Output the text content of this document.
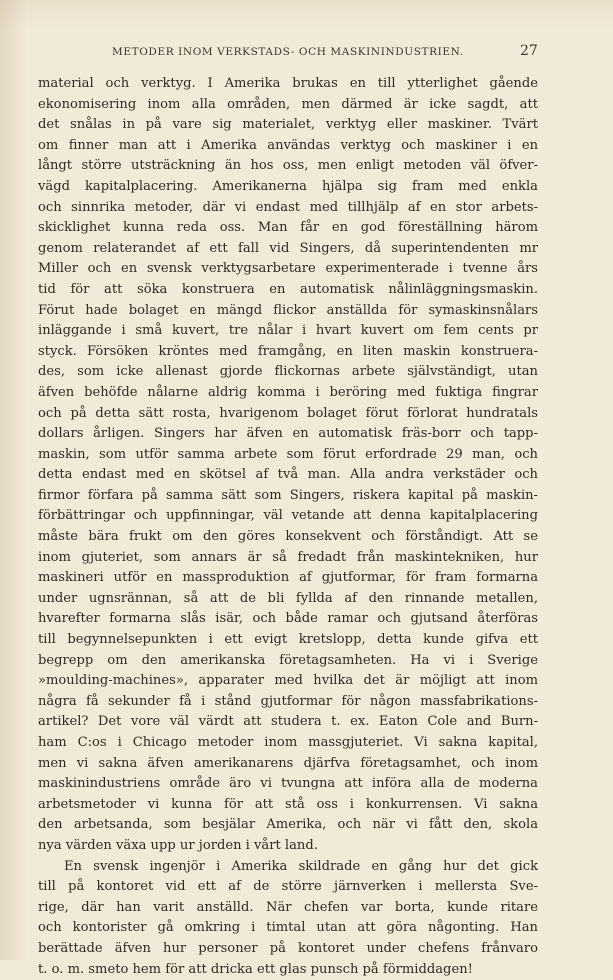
METODER INOM VERKSTADS- OCH MASKININDUSTRIEN.	27
material och verktyg. I Amerika brukas en till ytterlighet gående
ekonomisering inom alla områden, men därmed är icke sagdt, att
det snålas in på vare sig materialet, verktyg eller maskiner. Tvärt
om finner man att i Amerika användas verktyg och maskiner i en
långt större utsträckning än hos oss, men enligt metoden väl öfver-
vägd kapitalplacering. Amerikanerna hjälpa sig fram med enkla
och sinnrika metoder, där vi endast med tillhjälp af en stor arbets-
skicklighet kunna reda oss. Man får en god föreställning härom
genom relaterandet af ett fall vid Singers, då superintendenten mr
Miller och en svensk verktygsarbetare experimenterade i tvenne års
tid för att söka konstruera en automatisk nålinläggningsmaskin.
Förut hade bolaget en mängd flickor anställda för symaskinsnålars
inläggande i små kuvert, tre nålar i hvart kuvert om fem cents pr
styck. Försöken kröntes med framgång, en liten maskin konstruera-
des, som icke allenast gjorde flickornas arbete självständigt, utan
äfven behöfde nålarne aldrig komma i beröring med fuktiga fingrar
och på detta sätt rosta, hvarigenom bolaget förut förlorat hundratals
dollars årligen. Singers har äfven en automatisk fräs-borr och tapp-
maskin, som utför samma arbete som förut erfordrade 29 man, och
detta endast med en skötsel af två man. Alla andra verkstäder och
firmor förfara på samma sätt som Singers, riskera kapital på maskin-
förbättringar och uppfinningar, väl vetande att denna kapitalplacering
måste bära frukt om den göres konsekvent och förståndigt. Att se
inom gjuteriet, som annars är så fredadt från maskintekniken, hur
maskineri utför en massproduktion af gjutformar, för fram formarna
under ugnsrännan, så att de bli fyllda af den rinnande metallen,
hvarefter formarna slås isär, och både ramar och gjutsand återföras
till begynnelsepunkten i ett evigt kretslopp, detta kunde gifva ett
begrepp om den amerikanska företagsamheten. Ha vi i Sverige
»moulding-machines», apparater med hvilka det är möjligt att inom
några få sekunder få i stånd gjutformar för någon massfabrikations-
artikel? Det vore väl värdt att studera t. ex. Eaton Cole and Burn-
ham C:os i Chicago metoder inom massgjuteriet. Vi sakna kapital,
men vi sakna äfven amerikanarens djärfva företagsamhet, och inom
maskinindustriens område äro vi tvungna att införa alla de moderna
arbetsmetoder vi kunna för att stå oss i konkurrensen. Vi sakna
den arbetsanda, som besjälar Amerika, och när vi fått den, skola
nya värden växa upp ur jorden i vårt land.
En svensk ingenjör i Amerika skildrade en gång hur det gick
till på kontoret vid ett af de större järnverken i mellersta Sve-
rige, där han varit anställd. När chefen var borta, kunde ritare
och kontorister gå omkring i timtal utan att göra någonting. Han
berättade äfven hur personer på kontoret under chefens frånvaro
t. o. m. smeto hem för att dricka ett glas punsch på förmiddagen!
